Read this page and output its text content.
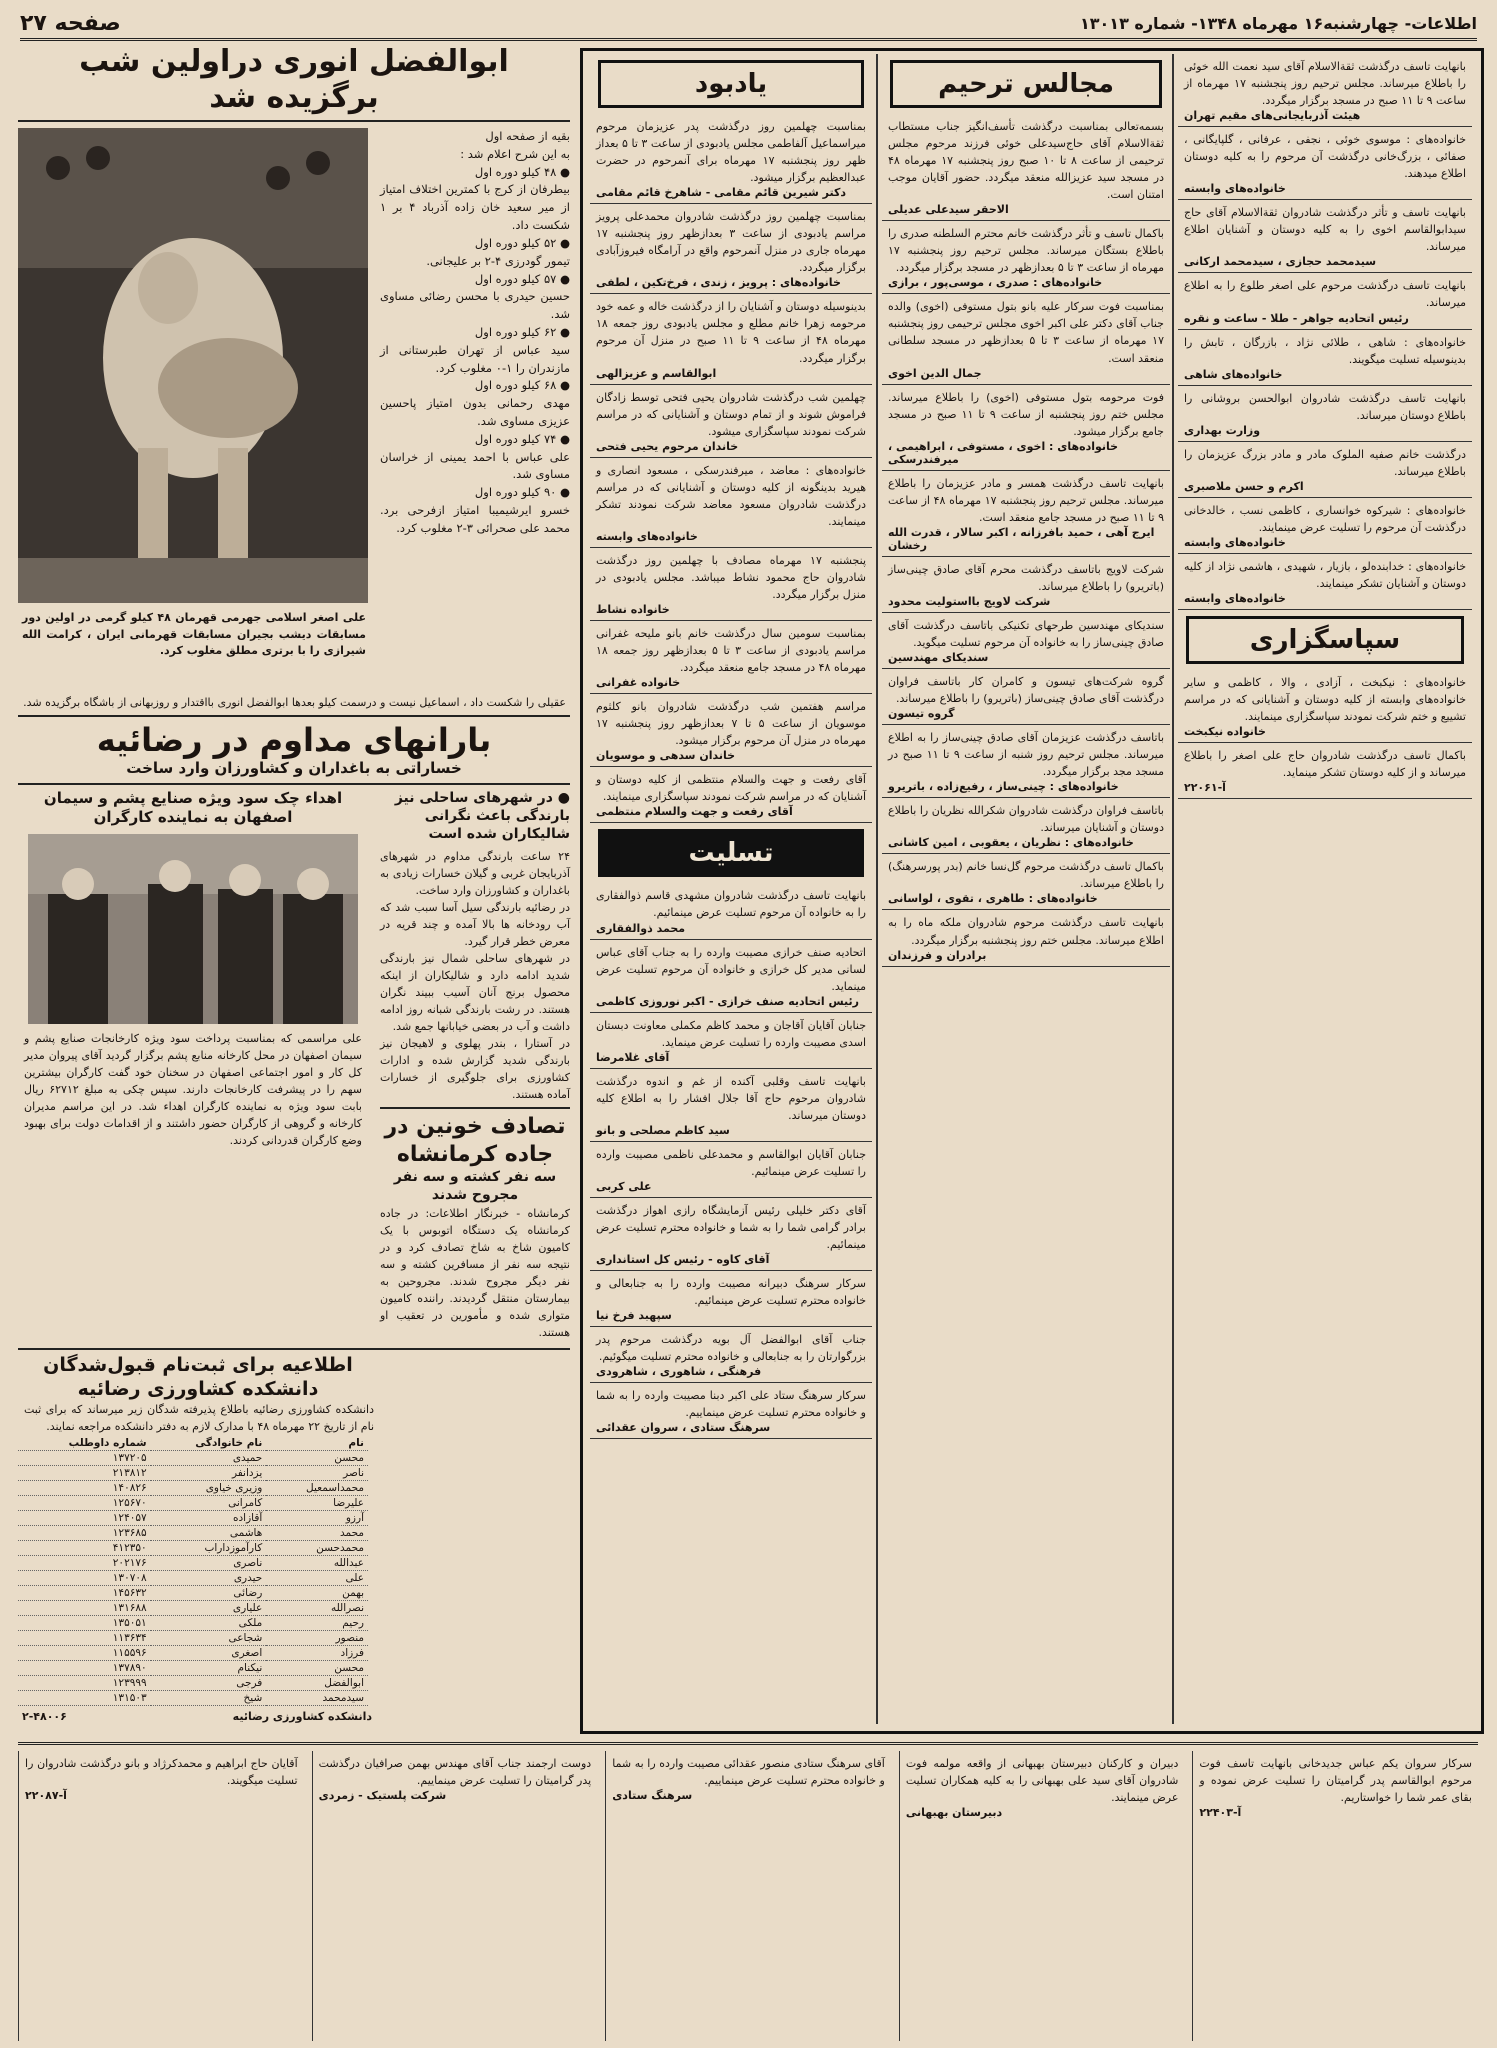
اطلاعات- چهارشنبه۱۶ مهرماه ۱۳۴۸- شماره ۱۳۰۱۳
صفحه ۲۷
ابوالفضل انوری دراولین شب برگزیده شد
بقیه از صفحه اول
به این شرح اعلام شد :
● ۴۸ کیلو دوره اول
بیطرفان از کرج با کمترین اختلاف امتیاز از میر سعید خان زاده آذرباد ۴ بر ۱ شکست داد.
● ۵۲ کیلو دوره اول
تیمور گودرزی ۴-۲ بر علیجانی.
● ۵۷ کیلو دوره اول
حسین حیدری با محسن رضائی مساوی شد.
● ۶۲ کیلو دوره اول
سید عباس از تهران طبرستانی از مازندران را ۱-۰ مغلوب کرد.
● ۶۸ کیلو دوره اول
مهدی رحمانی بدون امتیاز پاحسین عزیزی مساوی شد.
● ۷۴ کیلو دوره اول
علی عباس با احمد یمینی از خراسان مساوی شد.
● ۹۰ کیلو دوره اول
خسرو ایرشیمیبا امتیاز ازفرحی برد. محمد علی صحرائی ۳-۲ مغلوب کرد.
علی اصغر اسلامی جهرمی قهرمان ۴۸ کیلو گرمی در اولین دور مسابقات دیشب بجیران مسابقات قهرمانی ایران ، کرامت الله شیرازی را با برتری مطلق مغلوب کرد.
عقیلی را شکست داد ، اسماعیل نیست و درسمت کیلو بعدها ابوالفضل انوری بااقتدار و روزبهانی از باشگاه برگزیده شد.
بارانهای مداوم در رضائیه
خساراتی به باغداران و کشاورزان وارد ساخت
● در شهرهای ساحلی نیز بارندگی باعث نگرانی شالیکاران شده است
۲۴ ساعت بارندگی مداوم در شهرهای آذربایجان غربی و گیلان خسارات زیادی به باغداران و کشاورزان وارد ساخت.
در رضائیه بارندگی سیل آسا سبب شد که آب رودخانه ها بالا آمده و چند قریه در معرض خطر قرار گیرد.
در شهرهای ساحلی شمال نیز بارندگی شدید ادامه دارد و شالیکاران از اینکه محصول برنج آنان آسیب ببیند نگران هستند. در رشت بارندگی شبانه روز ادامه داشت و آب در بعضی خیابانها جمع شد.
در آستارا ، بندر پهلوی و لاهیجان نیز بارندگی شدید گزارش شده و ادارات کشاورزی برای جلوگیری از خسارات آماده هستند.
تصادف خونین در جاده کرمانشاه
سه نفر کشته و سه نفر مجروح شدند
کرمانشاه - خبرنگار اطلاعات: در جاده کرمانشاه یک دستگاه اتوبوس با یک کامیون شاخ به شاخ تصادف کرد و در نتیجه سه نفر از مسافرین کشته و سه نفر دیگر مجروح شدند. مجروحین به بیمارستان منتقل گردیدند. راننده کامیون متواری شده و مأمورین در تعقیب او هستند.
اهداء چک سود ویژه صنایع پشم و سیمان اصفهان به نماینده کارگران
علی مراسمی که بمناسبت پرداخت سود ویژه کارخانجات صنایع پشم و سیمان اصفهان در محل کارخانه منابع پشم برگزار گردید آقای پیروان مدیر کل کار و امور اجتماعی اصفهان در سخنان خود گفت کارگران بیشترین سهم را در پیشرفت کارخانجات دارند. سپس چکی به مبلغ ۶۲۷۱۲ ریال بابت سود ویژه به نماینده کارگران اهداء شد. در این مراسم مدیران کارخانه و گروهی از کارگران حضور داشتند و از اقدامات دولت برای بهبود وضع کارگران قدردانی کردند.
اطلاعیه برای ثبت‌نام قبول‌شدگان دانشکده کشاورزی رضائیه
دانشکده کشاورزی رضائیه باطلاع پذیرفته شدگان زیر میرساند که برای ثبت نام از تاریخ ۲۲ مهرماه ۴۸ با مدارک لازم به دفتر دانشکده مراجعه نمایند.
نام	نام خانوادگی	شماره داوطلب
محسن	حمیدی	۱۳۷۲۰۵
ناصر	یزدانفر	۲۱۳۸۱۲
محمداسمعیل	وزیری خیاوی	۱۴۰۸۲۶
علیرضا	کامرانی	۱۲۵۶۷۰
آرزو	آقازاده	۱۲۴۰۵۷
محمد	هاشمی	۱۲۳۶۸۵
محمدحسن	کارآموزداراب	۴۱۲۳۵۰
عبدالله	ناصری	۲۰۲۱۷۶
علی	حیدری	۱۳۰۷۰۸
بهمن	رضائی	۱۴۵۶۳۲
نصرالله	علیاری	۱۳۱۶۸۸
رحیم	ملکی	۱۳۵۰۵۱
منصور	شجاعی	۱۱۳۶۳۴
فرزاد	اصغری	۱۱۵۵۹۶
محسن	نیکنام	۱۳۷۸۹۰
ابوالفضل	فرجی	۱۲۳۹۹۹
سیدمحمد	شیخ	۱۳۱۵۰۳
دانشکده کشاورزی رضائیه
۲-۴۸۰۰۶
یادبود
بمناسبت چهلمین روز درگذشت پدر عزیزمان مرحوم میراسماعیل آلفاطمی مجلس یادبودی از ساعت ۳ تا ۵ بعداز ظهر روز پنجشنبه ۱۷ مهرماه برای آنمرحوم در حضرت عبدالعظیم برگزار میشود.
دکتر شیرین قائم مقامی - شاهرخ قائم مقامی
بمناسبت چهلمین روز درگذشت شادروان محمدعلی پرویز مراسم یادبودی از ساعت ۳ بعدازظهر روز پنجشنبه ۱۷ مهرماه جاری در منزل آنمرحوم واقع در آرامگاه فیروزآبادی برگزار میگردد.
خانواده‌های : پرویز ، زندی ، فرخ‌تکین ، لطفی
بدینوسیله دوستان و آشنایان را از درگذشت خاله و عمه خود مرحومه زهرا خانم مطلع و مجلس یادبودی روز جمعه ۱۸ مهرماه ۴۸ از ساعت ۹ تا ۱۱ صبح در منزل آن مرحوم برگزار میگردد.
ابوالقاسم و عزیزالهی
چهلمین شب درگذشت شادروان یحیی فتحی توسط زادگان فراموش شوند و از تمام دوستان و آشنایانی که در مراسم شرکت نمودند سپاسگزاری میشود.
خاندان مرحوم یحیی فتحی
خانواده‌های : معاضد ، میرفندرسکی ، مسعود انصاری و هیرید بدینگونه از کلیه دوستان و آشنایانی که در مراسم درگذشت شادروان مسعود معاضد شرکت نمودند تشکر مینمایند.
خانواده‌های وابسته
پنجشنبه ۱۷ مهرماه مصادف با چهلمین روز درگذشت شادروان حاج محمود نشاط میباشد. مجلس یادبودی در منزل برگزار میگردد.
خانواده نشاط
بمناسبت سومین سال درگذشت خانم بانو ملیحه غفرانی مراسم یادبودی از ساعت ۳ تا ۵ بعدازظهر روز جمعه ۱۸ مهرماه ۴۸ در مسجد جامع منعقد میگردد.
خانواده غفرانی
مراسم هفتمین شب درگذشت شادروان بانو کلثوم موسویان از ساعت ۵ تا ۷ بعدازظهر روز پنجشنبه ۱۷ مهرماه در منزل آن مرحوم برگزار میشود.
خاندان سدهی و موسویان
آقای رفعت و جهت والسلام منتظمی از کلیه دوستان و آشنایان که در مراسم شرکت نمودند سپاسگزاری مینمایند.
آقای رفعت و جهت والسلام منتظمی
تسلیت
بانهایت تاسف درگذشت شادروان مشهدی قاسم ذوالفقاری را به خانواده آن مرحوم تسلیت عرض مینمائیم.
محمد ذوالفقاری
اتحادیه صنف خرازی مصیبت وارده را به جناب آقای عباس لسانی مدیر کل خرازی و خانواده آن مرحوم تسلیت عرض مینماید.
رئیس اتحادیه صنف خرازی - اکبر نوروزی کاظمی
جنابان آقایان آقاجان و محمد کاظم مکملی معاونت دبستان اسدی مصیبت وارده را تسلیت عرض مینماید.
آقای غلامرضا
بانهایت تاسف وقلبی آکنده از غم و اندوه درگذشت شادروان مرحوم حاج آقا جلال افشار را به اطلاع کلیه دوستان میرساند.
سید کاظم مصلحی و بانو
جنابان آقایان ابوالقاسم و محمدعلی ناظمی مصیبت وارده را تسلیت عرض مینمائیم.
علی کربی
آقای دکتر خلیلی رئیس آزمایشگاه رازی اهواز درگذشت برادر گرامی شما را به شما و خانواده محترم تسلیت عرض مینمائیم.
آقای کاوه - رئیس کل استانداری
سرکار سرهنگ دبیرانه مصیبت وارده را به جنابعالی و خانواده محترم تسلیت عرض مینمائیم.
سپهبد فرخ نیا
جناب آقای ابوالفضل آل بویه درگذشت مرحوم پدر بزرگوارتان را به جنابعالی و خانواده محترم تسلیت میگوئیم.
فرهنگی ، شاهوری ، شاهرودی
سرکار سرهنگ ستاد علی اکبر دبنا مصیبت وارده را به شما و خانواده محترم تسلیت عرض مینماییم.
سرهنگ ستادی ، سروان عقدائی
مجالس ترحیم
بسمه‌تعالی بمناسبت درگذشت تأسف‌انگیز جناب مستطاب ثقةالاسلام آقای حاج‌سیدعلی خوئی فرزند مرحوم مجلس ترحیمی از ساعت ۸ تا ۱۰ صبح روز پنجشنبه ۱۷ مهرماه ۴۸ در مسجد سید عزیزالله منعقد میگردد. حضور آقایان موجب امتنان است.
الاحقر سیدعلی عدیلی
باکمال تاسف و تأثر درگذشت خانم محترم السلطنه صدری را باطلاع بستگان میرساند. مجلس ترحیم روز پنجشنبه ۱۷ مهرماه از ساعت ۳ تا ۵ بعدازظهر در مسجد برگزار میگردد.
خانواده‌های : صدری ، موسی‌پور ، برازی
بمناسبت فوت سرکار علیه بانو بتول مستوفی (اخوی) والده جناب آقای دکتر علی اکبر اخوی مجلس ترحیمی روز پنجشنبه ۱۷ مهرماه از ساعت ۳ تا ۵ بعدازظهر در مسجد سلطانی منعقد است.
جمال الدین اخوی
فوت مرحومه بتول مستوفی (اخوی) را باطلاع میرساند. مجلس ختم روز پنجشنبه از ساعت ۹ تا ۱۱ صبح در مسجد جامع برگزار میشود.
خانواده‌های : اخوی ، مستوفی ، ابراهیمی ، میرفندرسکی
بانهایت تاسف درگذشت همسر و مادر عزیزمان را باطلاع میرساند. مجلس ترحیم روز پنجشنبه ۱۷ مهرماه ۴۸ از ساعت ۹ تا ۱۱ صبح در مسجد جامع منعقد است.
ایرج آهی ، حمید بافرزانه ، اکبر سالار ، قدرت الله رخشان
شرکت لاویج باتاسف درگذشت محرم آقای صادق چینی‌ساز (باتریرو) را باطلاع میرساند.
شرکت لاویج بااستولیت محدود
سندیکای مهندسین طرحهای تکنیکی باتاسف درگذشت آقای صادق چینی‌ساز را به خانواده آن مرحوم تسلیت میگوید.
سندیکای مهندسین
گروه شرکت‌های تیسون و کامران کار باتاسف فراوان درگذشت آقای صادق چینی‌ساز (باتریرو) را باطلاع میرساند.
گروه تیسون
باتاسف درگذشت عزیزمان آقای صادق چینی‌ساز را به اطلاع میرساند. مجلس ترحیم روز شنبه از ساعت ۹ تا ۱۱ صبح در مسجد مجد برگزار میگردد.
خانواده‌های : چینی‌ساز ، رفیع‌زاده ، باتریرو
باتاسف فراوان درگذشت شادروان شکرالله نظریان را باطلاع دوستان و آشنایان میرساند.
خانواده‌های : نظریان ، یعقوبی ، امین کاشانی
باکمال تاسف درگذشت مرحوم گل‌نسا خانم (بدر پورسرهنگ) را باطلاع میرساند.
خانواده‌های : طاهری ، تقوی ، لواسانی
بانهایت تاسف درگذشت مرحوم شادروان ملکه ماه را به اطلاع میرساند. مجلس ختم روز پنجشنبه برگزار میگردد.
برادران و فرزندان
بانهایت تاسف درگذشت ثقةالاسلام آقای سید نعمت الله خوئی را باطلاع میرساند. مجلس ترحیم روز پنجشنبه ۱۷ مهرماه از ساعت ۹ تا ۱۱ صبح در مسجد برگزار میگردد.
هیئت آذربایجانی‌های مقیم تهران
خانواده‌های : موسوی خوئی ، نجفی ، عرفانی ، گلپایگانی ، صفائی ، بزرگ‌خانی درگذشت آن مرحوم را به کلیه دوستان اطلاع میدهند.
خانواده‌های وابسته
بانهایت تاسف و تأثر درگذشت شادروان ثقةالاسلام آقای حاج سیدابوالقاسم اخوی را به کلیه دوستان و آشنایان اطلاع میرساند.
سیدمحمد حجازی ، سیدمحمد ارکانی
بانهایت تاسف درگذشت مرحوم علی اصغر طلوع را به اطلاع میرساند.
رئیس اتحادیه جواهر - طلا - ساعت و نقره
خانواده‌های : شاهی ، طلائی نژاد ، بازرگان ، تابش را بدینوسیله تسلیت میگویند.
خانواده‌های شاهی
بانهایت تاسف درگذشت شادروان ابوالحسن بروشانی را باطلاع دوستان میرساند.
وزارت بهداری
درگذشت خانم صفیه الملوک مادر و مادر بزرگ عزیزمان را باطلاع میرساند.
اکرم و حسن ملاصبری
خانواده‌های : شیرکوه خوانساری ، کاظمی نسب ، خالدخانی درگذشت آن مرحوم را تسلیت عرض مینمایند.
خانواده‌های وابسته
خانواده‌های : خدابنده‌لو ، بازیار ، شهیدی ، هاشمی نژاد از کلیه دوستان و آشنایان تشکر مینمایند.
خانواده‌های وابسته
سپاسگزاری
خانواده‌های : نیکبخت ، آزادی ، والا ، کاظمی و سایر خانواده‌های وابسته از کلیه دوستان و آشنایانی که در مراسم تشییع و ختم شرکت نمودند سپاسگزاری مینمایند.
خانواده نیکبخت
باکمال تاسف درگذشت شادروان حاج علی اصغر را باطلاع میرساند و از کلیه دوستان تشکر مینماید.
آ-۲۲۰۶۱
سرکار سروان یکم عباس جدید‌خانی بانهایت تاسف فوت مرحوم ابوالقاسم پدر گرامیتان را تسلیت عرض نموده و بقای عمر شما را خواستاریم.
آ-۲۲۴۰۳
دبیران و کارکنان دبیرستان بهبهانی از واقعه مولمه فوت شادروان آقای سید علی بهبهانی را به کلیه همکاران تسلیت عرض مینمایند.
دبیرستان بهبهانی
آقای سرهنگ ستادی منصور عقدائی مصیبت وارده را به شما و خانواده محترم تسلیت عرض مینماییم.
سرهنگ ستادی
دوست ارجمند جناب آقای مهندس بهمن صرافیان درگذشت پدر گرامیتان را تسلیت عرض مینماییم.
شرکت پلستیک - زمردی
آقایان حاج ابراهیم و محمدکرژاد و بانو درگذشت شادروان را تسلیت میگویند.
آ-۲۲۰۸۷
